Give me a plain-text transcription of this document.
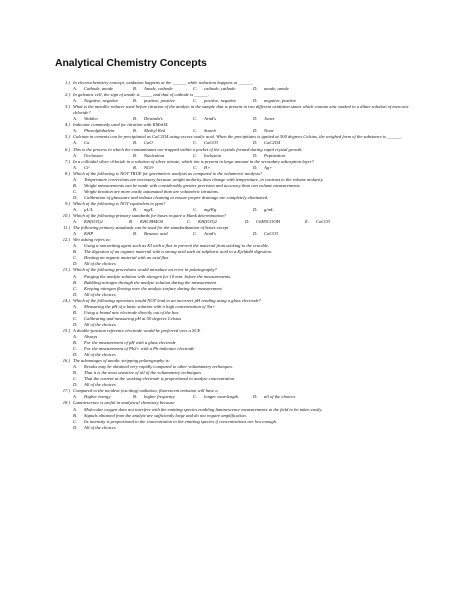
Analytical Chemistry Concepts
1.) In electrochemistry concept, oxidation happens at the ______ while reduction happens at ______.
A. Cathode, anode	B. Anode, cathode	C. cathode, cathode	D. anode, anode
2.) In galvanic cell, the sign of anode is _____ and that of cathode is ______.
A. Negative, negative	B. positive, positive	C. positive, negative	D. negative, positive
3.) What is the metallic reducer used before titration of the analyte in the sample that is present in two different oxidation states which contain zinc soaked in a dilute solution of mercuric chloride?
A. Walden	B. Devarda's	C. Arnd's	D. Jones
4.) Indicator commonly used for titration with KMnO4.
A. Phenolphthalein	B. Methyl Red	C. Starch	D. None
5.) Calcium in cements can be precipitated as CaC2O4 using excess oxalic acid. When the precipitates is ignited at 500 degrees Celsius, the weighed form of the substance is ______.
A. Ca	B. CaO	C. CaCO3	D. CaC2O4
6.) This is the process in which the contaminants are trapped within a pocket of the crystals formed during rapid crystal growth.
A. Occlusion	B. Nucleation	C. Inclusion	D. Peptization
7.) In a colloidal silver chloride in a solution of silver nitrate, which ion is present in large amount in the secondary adsorption layer?
A. Cl-	B. NO3-	C. H+	D. Ag+
8.) Which of the following is NOT TRUE for gravimetric analysis as compared to the volumetric analysis?
A.	Temperature corrections are necessary because weight molarity does change with temperature, in contrast to the volume molarity.
B.	Weight measurements can be made with considerably greater precision and accuracy than can volume measurements.
C.	Weight titration are more easily automated than are volumetric titrations.
D.	Calibration of glassware and tedious cleaning to ensure proper drainage are completely eliminated.
9.) Which of the following is NOT equivalent to ppm?
A. µL/L	B. mg/L	C. mg/Kg	D. g/mL
10.) Which of the following primary standards for bases require a blank determination?
A. KH(IO3)2	B. KHC8H4O4	C. KH(IO3)2	D. C6H5COOH	E. CaCO3
11.) The following primary standards can be used for the standardization of bases except
A. KHP	B. Benzoic acid	C. Arnd's	D. CaCO3
12.) Wet ashing refers to:
A.	Using a nonwetting agent such as KI with a flux to prevent the material from sticking to the crucible.
B.	The digestion of an organic material with a strong acid such as sulphuric acid in a Kjeldahl digestion.
C.	Heating an organic material with an acid flux
D.	All of the choices
13.) Which of the following procedures would introduce an error in polarography?
A.	Purging the analyte solution with nitrogen for 10 min. before the measurements.
B.	Bubbling nitrogen through the analyte solution during the measurement
C.	Keeping nitrogen flowing over the analyte surface during the measurement
D.	All of the choices
14.) Which of the following operators would NOT lead to an incorrect pH reading using a glass electrode?
A.	Measuring the pH of a basic solution with a high concentration of Na+
B.	Using a brand new electrode directly out of the box
C.	Calibrating and measuring pH at 50 degrees Celsius
D.	All of the choices
15.) A double-junction reference electrode would be preferred over a SCE
A.	Always
B.	For the measurement of pH with a glass electrode
C.	For the measurement of Pb2+ with a Pb indicator electrode
D.	All of the choices
16.) The advantages of anodic stripping polarography is:
A.	Results may be obtained very rapidly compared to other voltammetry techniques.
B.	That it is the most sensitive of all of the voltammetry techniques
C.	That the current at the working electrode is proportional to analyte concentration.
D.	All of the choices
17.) Compared to the incident (exciting) radiation, fluorescent emission will have a
A. Higher energy	B. higher frequency	C. longer wavelength	D. all of the choices
18.) Luminescence is useful in analytical chemistry because
A.	Molecular oxygen does not interfere with the emitting species enabling luminescence measurements in the field to be taken easily.
B.	Signals obtained from the analyte are sufficiently large and do not require amplification.
C.	Its intensity is proportional to the concentration to the emitting species if concentrations are low enough.
D.	All of the choices
